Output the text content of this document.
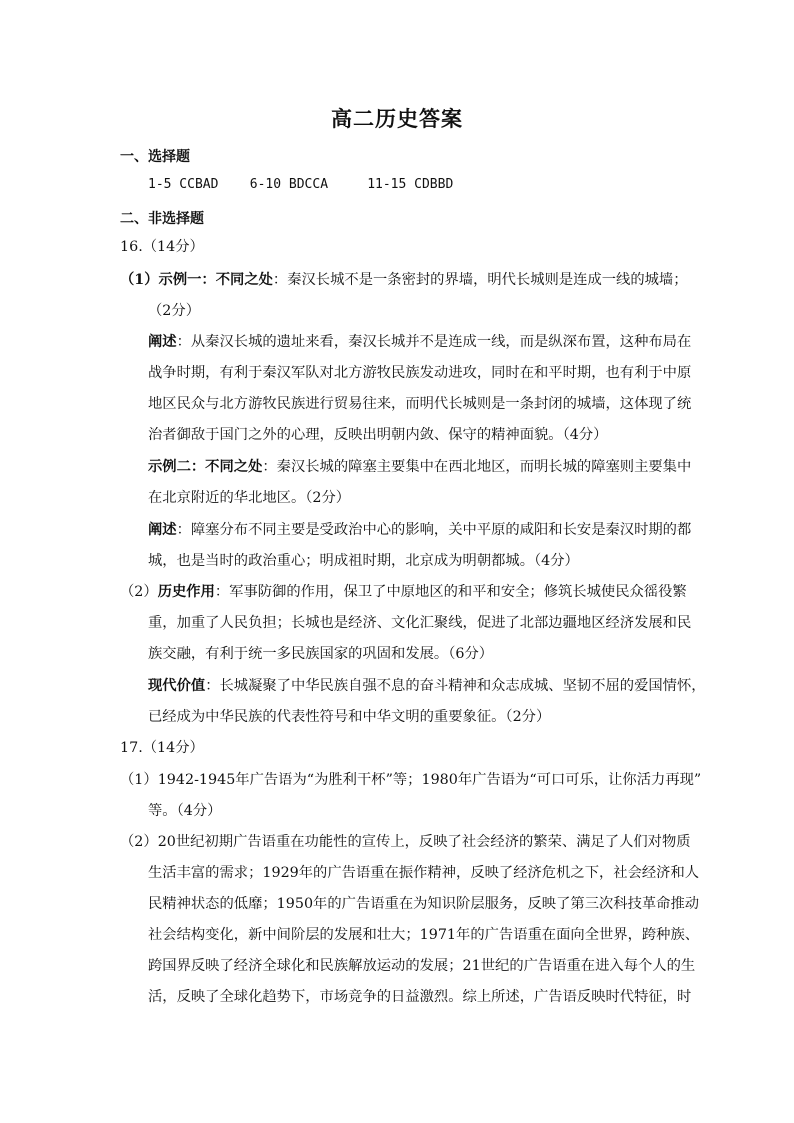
高二历史答案
一、选择题
1-5 CCBAD 6-10 BDCCA	11-15 CDBBD
二、非选择题
16.（14分）
（1）示例一：不同之处：秦汉长城不是一条密封的界墙，明代长城则是连成一线的城墙；
（2分）
阐述：从秦汉长城的遗址来看，秦汉长城并不是连成一线，而是纵深布置，这种布局在
战争时期，有利于秦汉军队对北方游牧民族发动进攻，同时在和平时期，也有利于中原
地区民众与北方游牧民族进行贸易往来，而明代长城则是一条封闭的城墙，这体现了统
治者御敌于国门之外的心理，反映出明朝内敛、保守的精神面貌。（4分）
示例二：不同之处：秦汉长城的障塞主要集中在西北地区，而明长城的障塞则主要集中
在北京附近的华北地区。（2分）
阐述：障塞分布不同主要是受政治中心的影响，关中平原的咸阳和长安是秦汉时期的都
城，也是当时的政治重心；明成祖时期，北京成为明朝都城。（4分）
（2）历史作用：军事防御的作用，保卫了中原地区的和平和安全；修筑长城使民众徭役繁
重，加重了人民负担；长城也是经济、文化汇聚线，促进了北部边疆地区经济发展和民
族交融，有利于统一多民族国家的巩固和发展。（6分）
现代价值：长城凝聚了中华民族自强不息的奋斗精神和众志成城、坚韧不屈的爱国情怀，
已经成为中华民族的代表性符号和中华文明的重要象征。（2分）
17.（14分）
（1）1942-1945年广告语为“为胜利干杯”等；1980年广告语为“可口可乐，让你活力再现”
等。（4分）
（2）20世纪初期广告语重在功能性的宣传上，反映了社会经济的繁荣、满足了人们对物质
生活丰富的需求；1929年的广告语重在振作精神，反映了经济危机之下，社会经济和人
民精神状态的低靡；1950年的广告语重在为知识阶层服务，反映了第三次科技革命推动
社会结构变化，新中间阶层的发展和壮大；1971年的广告语重在面向全世界，跨种族、
跨国界反映了经济全球化和民族解放运动的发展；21世纪的广告语重在进入每个人的生
活，反映了全球化趋势下，市场竞争的日益激烈。综上所述，广告语反映时代特征，时
